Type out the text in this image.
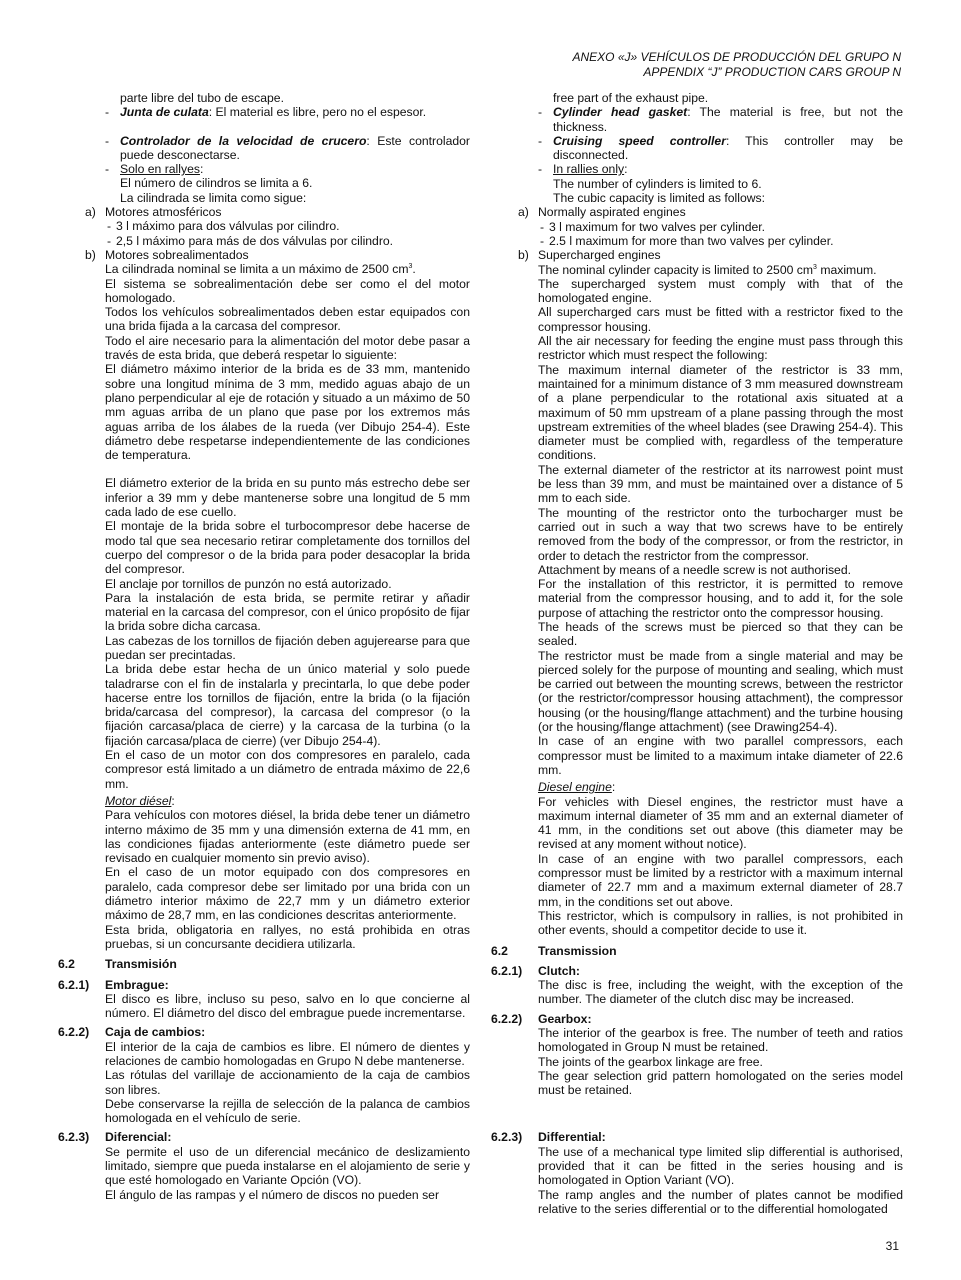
ANEXO «J» VEHÍCULOS DE PRODUCCIÓN DEL GRUPO N
APPENDIX “J” PRODUCTION CARS GROUP N
parte libre del tubo de escape.
- Junta de culata: El material es libre, pero no el espesor.
- Controlador de la velocidad de crucero: Este controlador puede desconectarse.
- Solo en rallyes:
El número de cilindros se limita a 6.
La cilindrada se limita como sigue:
a) Motores atmosféricos
- 3 l máximo para dos válvulas por cilindro.
- 2,5 l máximo para más de dos válvulas por cilindro.
b) Motores sobrealimentados
La cilindrada nominal se limita a un máximo de 2500 $cm^3$.
El sistema se sobrealimentación debe ser como el del motor homologado.
Todos los vehículos sobrealimentados deben estar equipados con una brida fijada a la carcasa del compresor.
Todo el aire necesario para la alimentación del motor debe pasar a través de esta brida, que deberá respetar lo siguiente:
El diámetro máximo interior de la brida es de 33 mm, mantenido sobre una longitud mínima de 3 mm, medido aguas abajo de un plano perpendicular al eje de rotación y situado a un máximo de 50 mm aguas arriba de un plano que pase por los extremos más aguas arriba de los álabes de la rueda (ver Dibujo 254-4). Este diámetro debe respetarse independientemente de las condiciones de temperatura.
El diámetro exterior de la brida en su punto más estrecho debe ser inferior a 39 mm y debe mantenerse sobre una longitud de 5 mm cada lado de ese cuello.
El montaje de la brida sobre el turbocompresor debe hacerse de modo tal que sea necesario retirar completamente dos tornillos del cuerpo del compresor o de la brida para poder desacoplar la brida del compresor.
El anclaje por tornillos de punzón no está autorizado.
Para la instalación de esta brida, se permite retirar y añadir material en la carcasa del compresor, con el único propósito de fijar la brida sobre dicha carcasa.
Las cabezas de los tornillos de fijación deben agujerearse para que puedan ser precintadas.
La brida debe estar hecha de un único material y solo puede taladrarse con el fin de instalarla y precintarla, lo que debe poder hacerse entre los tornillos de fijación, entre la brida (o la fijación brida/carcasa del compresor), la carcasa del compresor (o la fijación carcasa/placa de cierre) y la carcasa de la turbina (o la fijación carcasa/placa de cierre) (ver Dibujo 254-4).
En el caso de un motor con dos compresores en paralelo, cada compresor está limitado a un diámetro de entrada máximo de 22,6 mm.
Motor diésel:
Para vehículos con motores diésel, la brida debe tener un diámetro interno máximo de 35 mm y una dimensión externa de 41 mm, en las condiciones fijadas anteriormente (este diámetro puede ser revisado en cualquier momento sin previo aviso).
En el caso de un motor equipado con dos compresores en paralelo, cada compresor debe ser limitado por una brida con un diámetro interior máximo de 22,7 mm y un diámetro exterior máximo de 28,7 mm, en las condiciones descritas anteriormente.
Esta brida, obligatoria en rallyes, no está prohibida en otras pruebas, si un concursante decidiera utilizarla.
6.2 Transmisión
6.2.1) Embrague:
El disco es libre, incluso su peso, salvo en lo que concierne al número. El diámetro del disco del embrague puede incrementarse.
6.2.2) Caja de cambios:
El interior de la caja de cambios es libre. El número de dientes y relaciones de cambio homologadas en Grupo N debe mantenerse.
Las rótulas del varillaje de accionamiento de la caja de cambios son libres.
Debe conservarse la rejilla de selección de la palanca de cambios homologada en el vehículo de serie.
6.2.3) Diferencial:
Se permite el uso de un diferencial mecánico de deslizamiento limitado, siempre que pueda instalarse en el alojamiento de serie y que esté homologado en Variante Opción (VO).
El ángulo de las rampas y el número de discos no pueden ser
free part of the exhaust pipe.
- Cylinder head gasket: The material is free, but not the thickness.
- Cruising speed controller: This controller may be disconnected.
- In rallies only:
The number of cylinders is limited to 6.
The cubic capacity is limited as follows:
a) Normally aspirated engines
- 3 l maximum for two valves per cylinder.
- 2.5 l maximum for more than two valves per cylinder.
b) Supercharged engines
The nominal cylinder capacity is limited to 2500 $cm^3$ maximum.
The supercharged system must comply with that of the homologated engine.
All supercharged cars must be fitted with a restrictor fixed to the compressor housing.
All the air necessary for feeding the engine must pass through this restrictor which must respect the following:
The maximum internal diameter of the restrictor is 33 mm, maintained for a minimum distance of 3 mm measured downstream of a plane perpendicular to the rotational axis situated at a maximum of 50 mm upstream of a plane passing through the most upstream extremities of the wheel blades (see Drawing 254-4). This diameter must be complied with, regardless of the temperature conditions.
The external diameter of the restrictor at its narrowest point must be less than 39 mm, and must be maintained over a distance of 5 mm to each side.
The mounting of the restrictor onto the turbocharger must be carried out in such a way that two screws have to be entirely removed from the body of the compressor, or from the restrictor, in order to detach the restrictor from the compressor.
Attachment by means of a needle screw is not authorised.
For the installation of this restrictor, it is permitted to remove material from the compressor housing, and to add it, for the sole purpose of attaching the restrictor onto the compressor housing.
The heads of the screws must be pierced so that they can be sealed.
The restrictor must be made from a single material and may be pierced solely for the purpose of mounting and sealing, which must be carried out between the mounting screws, between the restrictor (or the restrictor/compressor housing attachment), the compressor housing (or the housing/flange attachment) and the turbine housing (or the housing/flange attachment) (see Drawing254-4).
In case of an engine with two parallel compressors, each compressor must be limited to a maximum intake diameter of 22.6 mm.
Diesel engine:
For vehicles with Diesel engines, the restrictor must have a maximum internal diameter of 35 mm and an external diameter of 41 mm, in the conditions set out above (this diameter may be revised at any moment without notice).
In case of an engine with two parallel compressors, each compressor must be limited by a restrictor with a maximum internal diameter of 22.7 mm and a maximum external diameter of 28.7 mm, in the conditions set out above.
This restrictor, which is compulsory in rallies, is not prohibited in other events, should a competitor decide to use it.
6.2 Transmission
6.2.1) Clutch:
The disc is free, including the weight, with the exception of the number. The diameter of the clutch disc may be increased.
6.2.2) Gearbox:
The interior of the gearbox is free. The number of teeth and ratios homologated in Group N must be retained.
The joints of the gearbox linkage are free.
The gear selection grid pattern homologated on the series model must be retained.
6.2.3) Differential:
The use of a mechanical type limited slip differential is authorised, provided that it can be fitted in the series housing and is homologated in Option Variant (VO).
The ramp angles and the number of plates cannot be modified relative to the series differential or to the differential homologated
31
